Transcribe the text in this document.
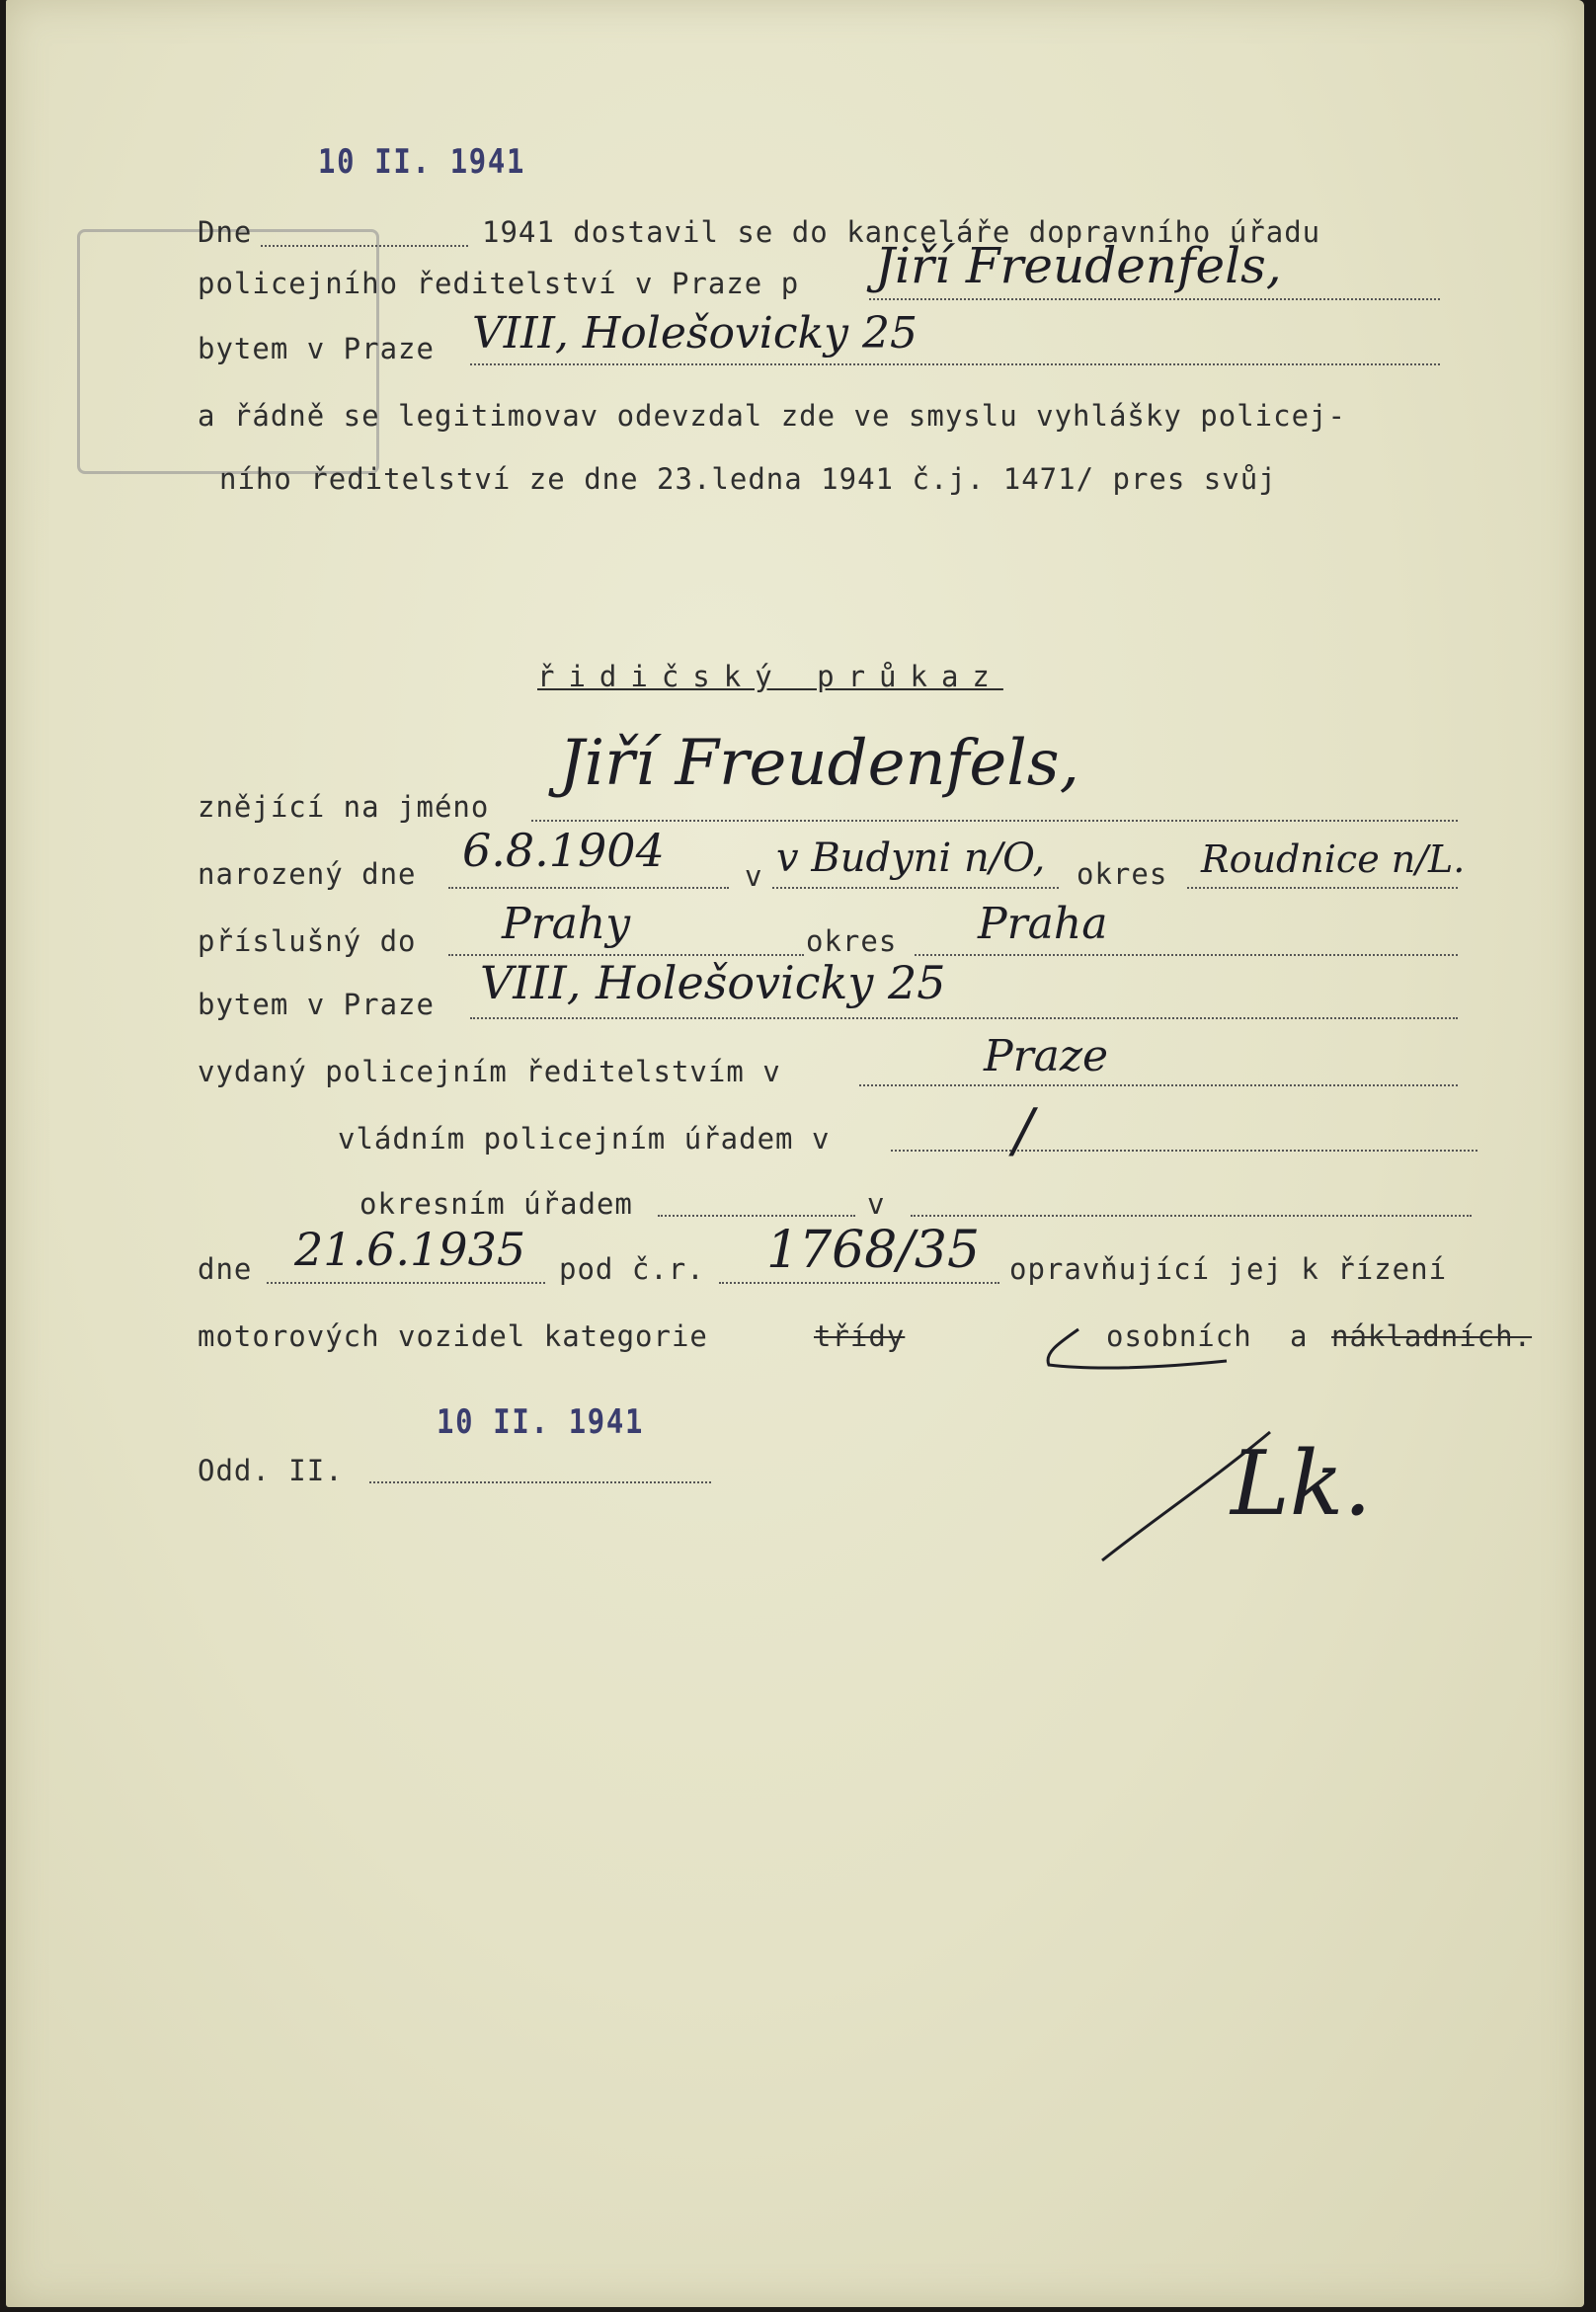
10 II. 1941
Dne	1941 dostavil se do kanceláře dopravního úřadu
policejního ředitelství v Praze p Jiří Freudenfels,
bytem v Praze VIII, Holešovicky 25
a řádně se legitimovav odevzdal zde ve smyslu vyhlášky policej-
ního ředitelství ze dne 23.ledna 1941 č.j. 1471/ pres svůj
řidičský průkaz
znějící na jméno
Jiří Freudenfels,
narozený dne 6.8.1904	v v Budyni n/O, okres Roudnice n/L.
příslušný do Prahy	okres Praha
bytem v Praze VIII, Holešovicky 25
vydaný policejním ředitelstvím v	Praze
vládním policejním úřadem v	/
okresním úřadem	v
dne 21.6.1935 pod č.r. 1768/35 opravňující jej k řízení
motorových vozidel kategorie	třídy	osobních a nákladních.
10 II. 1941
Odd. II.	Lk.
